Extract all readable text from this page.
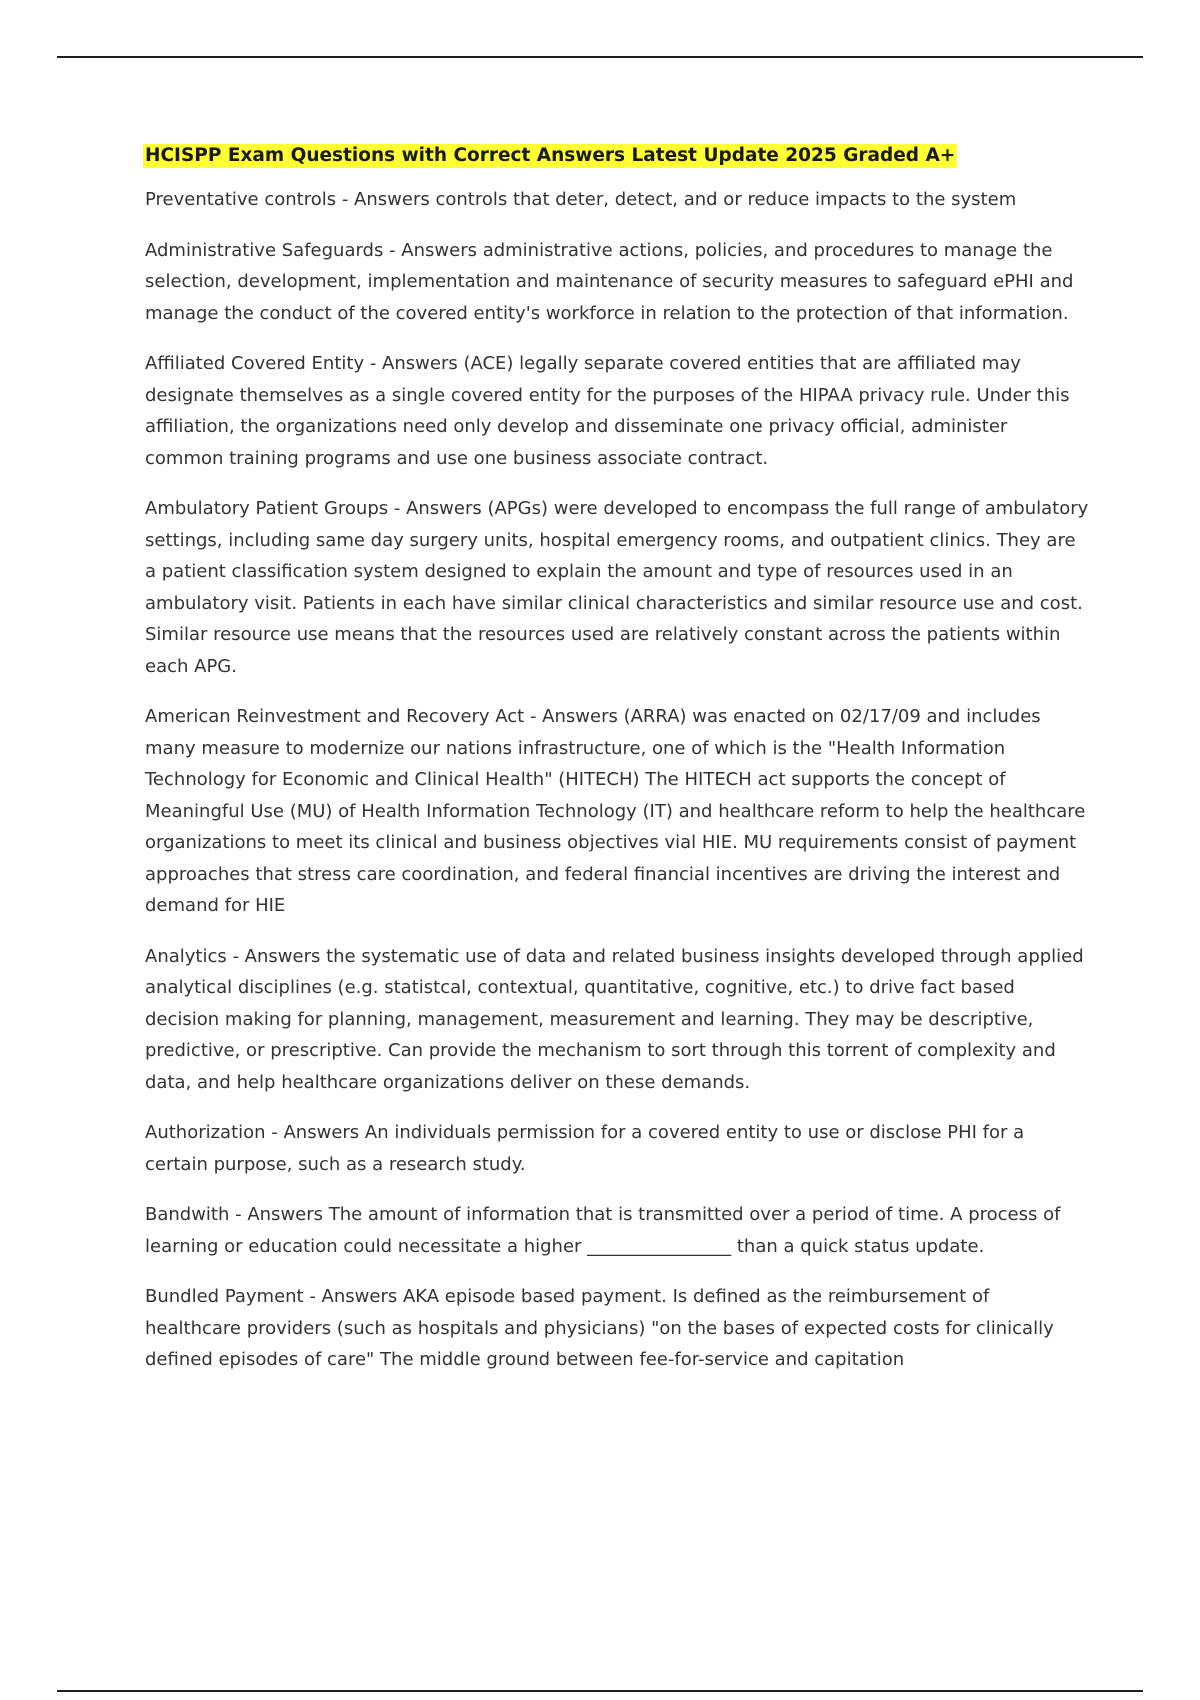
HCISPP Exam Questions with Correct Answers Latest Update 2025 Graded A+

Preventative controls - Answers controls that deter, detect, and or reduce impacts to the system

Administrative Safeguards - Answers administrative actions, policies, and procedures to manage the selection, development, implementation and maintenance of security measures to safeguard ePHI and manage the conduct of the covered entity's workforce in relation to the protection of that information.

Affiliated Covered Entity - Answers (ACE) legally separate covered entities that are affiliated may designate themselves as a single covered entity for the purposes of the HIPAA privacy rule. Under this affiliation, the organizations need only develop and disseminate one privacy official, administer common training programs and use one business associate contract.

Ambulatory Patient Groups - Answers (APGs) were developed to encompass the full range of ambulatory settings, including same day surgery units, hospital emergency rooms, and outpatient clinics. They are a patient classification system designed to explain the amount and type of resources used in an ambulatory visit. Patients in each have similar clinical characteristics and similar resource use and cost. Similar resource use means that the resources used are relatively constant across the patients within each APG.

American Reinvestment and Recovery Act - Answers (ARRA) was enacted on 02/17/09 and includes many measure to modernize our nations infrastructure, one of which is the "Health Information Technology for Economic and Clinical Health" (HITECH) The HITECH act supports the concept of Meaningful Use (MU) of Health Information Technology (IT) and healthcare reform to help the healthcare organizations to meet its clinical and business objectives vial HIE. MU requirements consist of payment approaches that stress care coordination, and federal financial incentives are driving the interest and demand for HIE

Analytics - Answers the systematic use of data and related business insights developed through applied analytical disciplines (e.g. statistcal, contextual, quantitative, cognitive, etc.) to drive fact based decision making for planning, management, measurement and learning. They may be descriptive, predictive, or prescriptive. Can provide the mechanism to sort through this torrent of complexity and data, and help healthcare organizations deliver on these demands.

Authorization - Answers An individuals permission for a covered entity to use or disclose PHI for a certain purpose, such as a research study.

Bandwith - Answers The amount of information that is transmitted over a period of time. A process of learning or education could necessitate a higher ________________ than a quick status update.

Bundled Payment - Answers AKA episode based payment. Is defined as the reimbursement of healthcare providers (such as hospitals and physicians) "on the bases of expected costs for clinically defined episodes of care" The middle ground between fee-for-service and capitation
